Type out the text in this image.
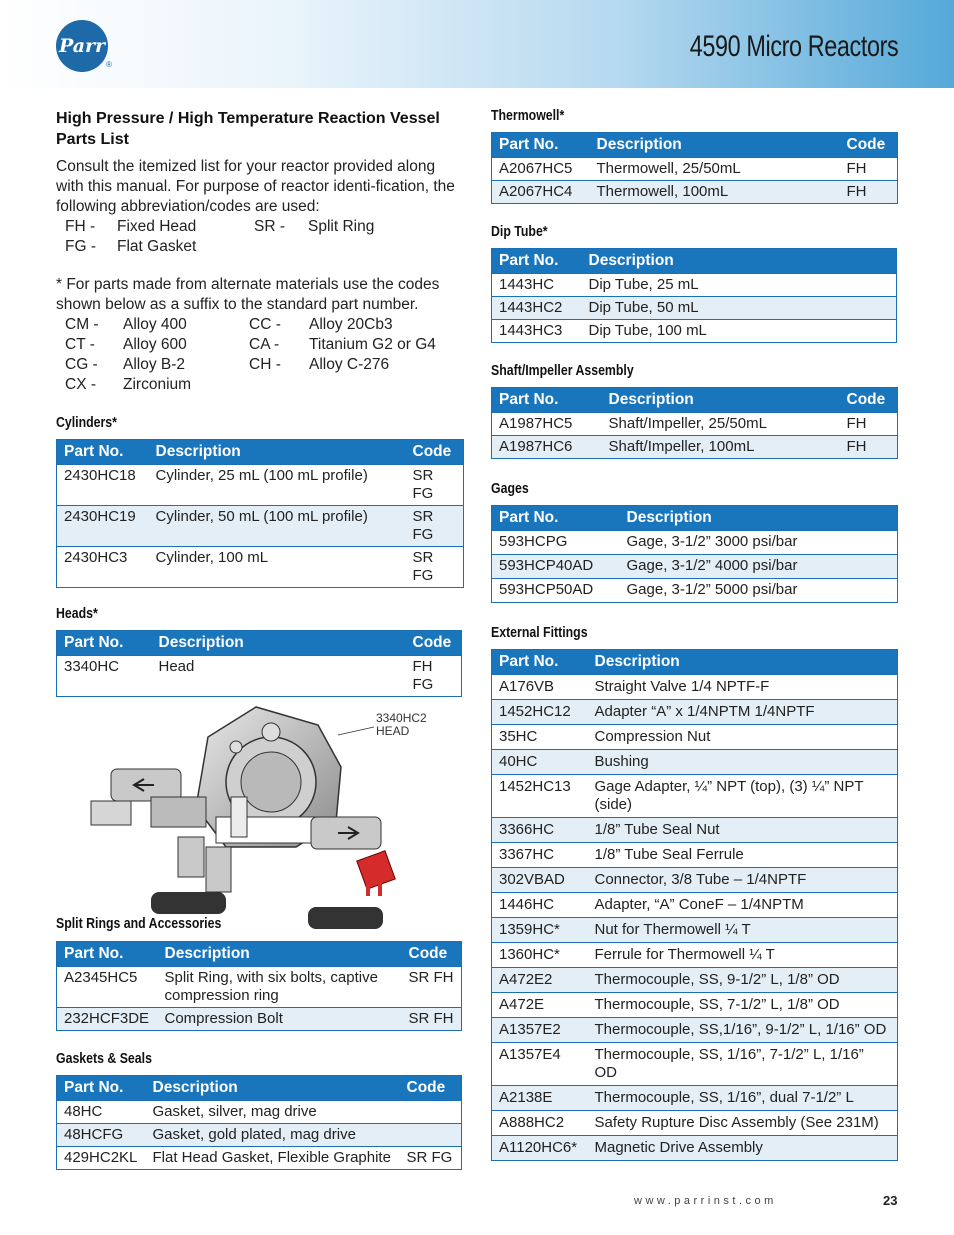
Parr
®
4590 Micro Reactors
High Pressure / High Temperature Reaction Vessel Parts List
Consult the itemized list for your reactor provided along with this manual. For purpose of reactor identi-fication, the following abbreviation/codes are used:
FH -	Fixed Head	SR -	Split Ring
FG -	Flat Gasket
* For parts made from alternate materials use the codes shown below as a suffix to the standard part number.
CM -	Alloy 400	CC -	Alloy 20Cb3
CT -	Alloy 600	CA -	Titanium G2 or G4
CG -	Alloy B-2	CH -	Alloy C-276
CX -	Zirconium
Cylinders*
Part No.	Description	Code
2430HC18	Cylinder, 25 mL (100 mL profile)	SR FG
2430HC19	Cylinder, 50 mL (100 mL profile)	SR FG
2430HC3	Cylinder, 100 mL	SR FG
Heads*
Part No.	Description	Code
3340HC	Head	FH FG
3340HC2
HEAD
Split Rings and Accessories
Part No.	Description	Code
A2345HC5	Split Ring, with six bolts, captive compression ring	SR FH
232HCF3DE	Compression Bolt	SR FH
Gaskets & Seals
Part No.	Description	Code
48HC	Gasket, silver, mag drive	
48HCFG	Gasket, gold plated, mag drive	
429HC2KL	Flat Head Gasket, Flexible Graphite	SR FG
Thermowell*
Part No.	Description	Code
A2067HC5	Thermowell, 25/50mL	FH
A2067HC4	Thermowell, 100mL	FH
Dip Tube*
Part No.	Description
1443HC	Dip Tube, 25 mL
1443HC2	Dip Tube, 50 mL
1443HC3	Dip Tube, 100 mL
Shaft/Impeller Assembly
Part No.	Description	Code
A1987HC5	Shaft/Impeller, 25/50mL	FH
A1987HC6	Shaft/Impeller, 100mL	FH
Gages
Part No.	Description
593HCPG	Gage, 3-1/2” 3000 psi/bar
593HCP40AD	Gage, 3-1/2” 4000 psi/bar
593HCP50AD	Gage, 3-1/2” 5000 psi/bar
External Fittings
Part No.	Description
A176VB	Straight Valve 1/4 NPTF-F
1452HC12	Adapter “A” x 1/4NPTM 1/4NPTF
35HC	Compression Nut
40HC	Bushing
1452HC13	Gage Adapter, ¼” NPT (top), (3) ¼” NPT (side)
3366HC	1/8” Tube Seal Nut
3367HC	1/8” Tube Seal Ferrule
302VBAD	Connector, 3/8 Tube – 1/4NPTF
1446HC	Adapter, “A” ConeF – 1/4NPTM
1359HC*	Nut for Thermowell ¼ T
1360HC*	Ferrule for Thermowell ¼ T
A472E2	Thermocouple, SS, 9-1/2” L, 1/8” OD
A472E	Thermocouple, SS, 7-1/2” L, 1/8” OD
A1357E2	Thermocouple, SS,1/16”, 9-1/2” L, 1/16” OD
A1357E4	Thermocouple, SS, 1/16”, 7-1/2” L, 1/16” OD
A2138E	Thermocouple, SS, 1/16”, dual 7-1/2” L
A888HC2	Safety Rupture Disc Assembly (See 231M)
A1120HC6*	Magnetic Drive Assembly
www.parrinst.com	23
